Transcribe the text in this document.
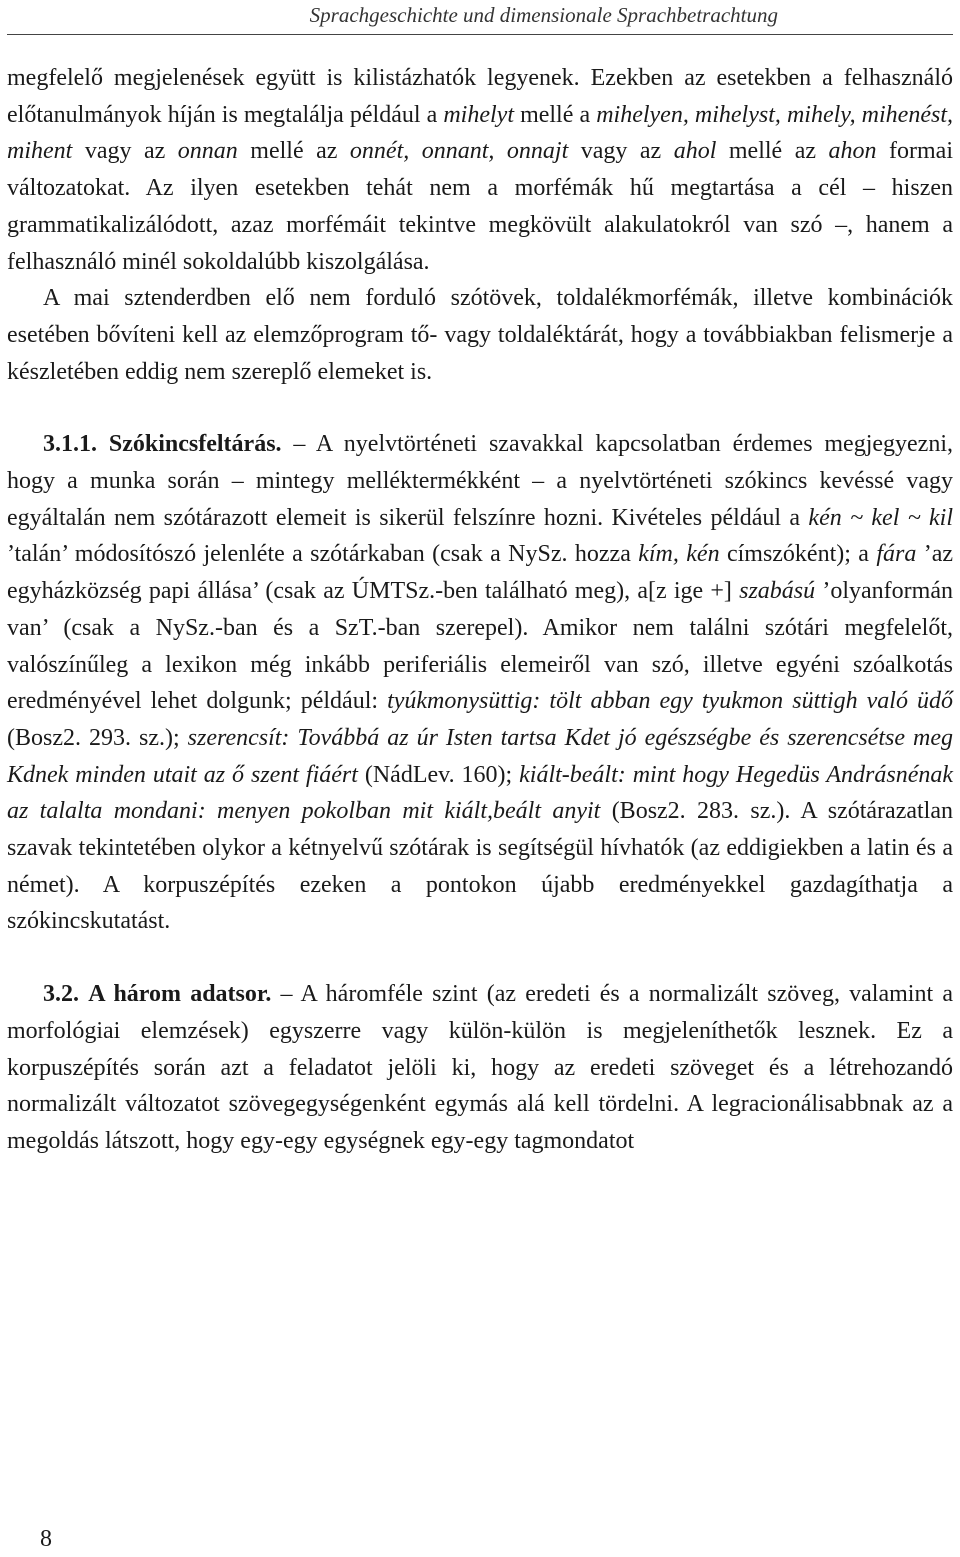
Sprachgeschichte und dimensionale Sprachbetrachtung

megfelelő megjelenések együtt is kilistázhatók legyenek. Ezekben az esetekben a felhasználó előtanulmányok híján is megtalálja például a mihelyt mellé a mihelyen, mihelyst, mihely, mihenést, mihent vagy az onnan mellé az onnét, onnant, onnajt vagy az ahol mellé az ahon formai változatokat. Az ilyen esetekben tehát nem a morfémák hű megtartása a cél – hiszen grammatikalizálódott, azaz morfémáit tekintve megkövült alakulatokról van szó –, hanem a felhasználó minél sokoldalúbb kiszolgálása.

A mai sztenderdben elő nem forduló szótövek, toldalékmorfémák, illetve kombinációk esetében bővíteni kell az elemzőprogram tő- vagy toldaléktárát, hogy a továbbiakban felismerje a készletében eddig nem szereplő elemeket is.

3.1.1. Szókincsfeltárás. – A nyelvtörténeti szavakkal kapcsolatban érdemes megjegyezni, hogy a munka során – mintegy melléktermékként – a nyelvtörténeti szókincs kevéssé vagy egyáltalán nem szótárazott elemeit is sikerül felszínre hozni. Kivételes például a kén ~ kel ~ kil ’talán’ módosítószó jelenléte a szótárkaban (csak a NySz. hozza kím, kén címszóként); a fára ’az egyházközség papi állása’ (csak az ÚMTSz.-ben található meg), a[z ige +] szabású ’olyanformán van’ (csak a NySz.-ban és a SzT.-ban szerepel). Amikor nem találni szótári megfelelőt, valószínűleg a lexikon még inkább periferiális elemeiről van szó, illetve egyéni szóalkotás eredményével lehet dolgunk; például: tyúkmonysüttig: tölt abban egy tyukmon süttigh való üdő (Bosz2. 293. sz.); szerencsít: Továbbá az úr Isten tartsa Kdet jó egészségbe és szerencsétse meg Kdnek minden utait az ő szent fiáért (NádLev. 160); kiált-beált: mint hogy Hegedüs Andrásnénak az talalta mondani: menyen pokolban mit kiált,beált anyit (Bosz2. 283. sz.). A szótárazatlan szavak tekintetében olykor a kétnyelvű szótárak is segítségül hívhatók (az eddigiekben a latin és a német). A korpuszépítés ezeken a pontokon újabb eredményekkel gazdagíthatja a szókincskutatást.

3.2. A három adatsor. – A háromféle szint (az eredeti és a normalizált szöveg, valamint a morfológiai elemzések) egyszerre vagy külön-külön is megjeleníthetők lesznek. Ez a korpuszépítés során azt a feladatot jelöli ki, hogy az eredeti szöveget és a létrehozandó normalizált változatot szövegegységenként egymás alá kell tördelni. A legracionálisabbnak az a megoldás látszott, hogy egy-egy egységnek egy-egy tagmondatot

8
